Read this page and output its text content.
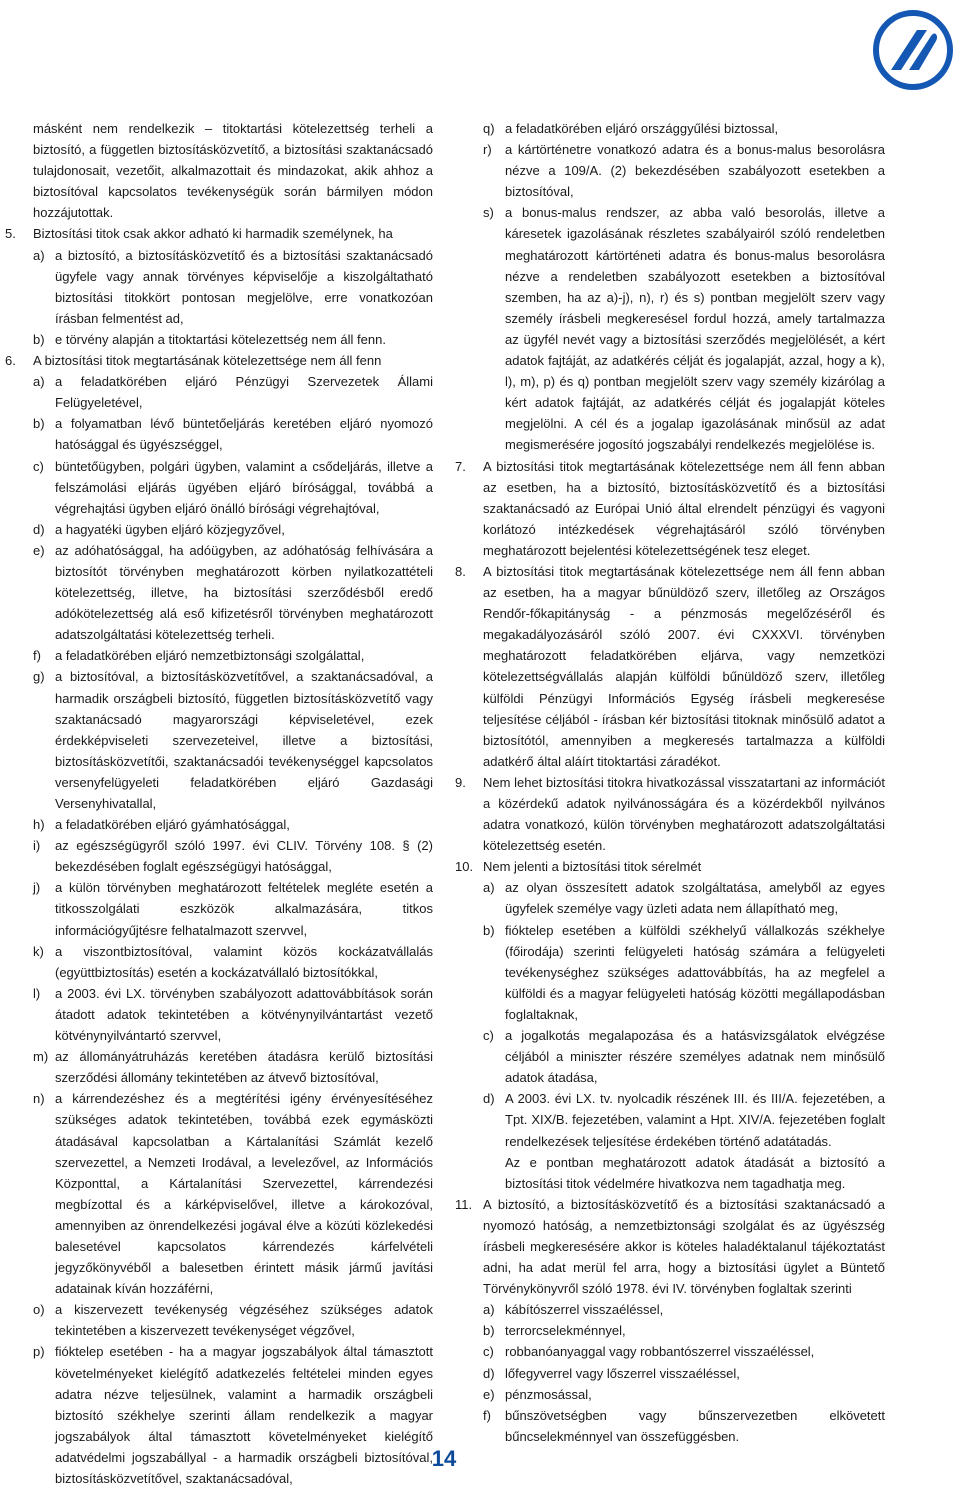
másként nem rendelkezik – titoktartási kötelezettség terheli a biztosító, a független biztosításközvetítő, a biztosítási szaktanácsadó tulajdonosait, vezetőit, alkalmazottait és mindazokat, akik ahhoz a biztosítóval kapcsolatos tevékenységük során bármilyen módon hozzájutottak.
5. Biztosítási titok csak akkor adható ki harmadik személynek, ha
a) a biztosító, a biztosításközvetítő és a biztosítási szaktanácsadó ügyfele vagy annak törvényes képviselője a kiszolgáltatható biztosítási titokkört pontosan megjelölve, erre vonatkozóan írásban felmentést ad,
b) e törvény alapján a titoktartási kötelezettség nem áll fenn.
6. A biztosítási titok megtartásának kötelezettsége nem áll fenn
a) a feladatkörében eljáró Pénzügyi Szervezetek Állami Felügyeletével,
b) a folyamatban lévő büntetőeljárás keretében eljáró nyomozó hatósággal és ügyészséggel,
c) büntetőügyben, polgári ügyben, valamint a csődeljárás, illetve a felszámolási eljárás ügyében eljáró bírósággal, továbbá a végrehajtási ügyben eljáró önálló bírósági végrehajtóval,
d) a hagyatéki ügyben eljáró közjegyzővel,
e) az adóhatósággal, ha adóügyben, az adóhatóság felhívására a biztosítót törvényben meghatározott körben nyilatkozattételi kötelezettség, illetve, ha biztosítási szerződésből eredő adókötelezettség alá eső kifizetésről törvényben meghatározott adatszolgáltatási kötelezettség terheli.
f) a feladatkörében eljáró nemzetbiztonsági szolgálattal,
g) a biztosítóval, a biztosításközvetítővel, a szaktanácsadóval, a harmadik országbeli biztosító, független biztosításközvetítő vagy szaktanácsadó magyarországi képviseletével, ezek érdekképviseleti szervezeteivel, illetve a biztosítási, biztosításközvetítői, szaktanácsadói tevékenységgel kapcsolatos versenyfelügyeleti feladatkörében eljáró Gazdasági Versenyhivatallal,
h) a feladatkörében eljáró gyámhatósággal,
i) az egészségügyről szóló 1997. évi CLIV. Törvény 108. § (2) bekezdésében foglalt egészségügyi hatósággal,
j) a külön törvényben meghatározott feltételek megléte esetén a titkosszolgálati eszközök alkalmazására, titkos információgyűjtésre felhatalmazott szervvel,
k) a viszontbiztosítóval, valamint közös kockázatvállalás (együttbiztosítás) esetén a kockázatvállaló biztosítókkal,
l) a 2003. évi LX. törvényben szabályozott adattovábbítások során átadott adatok tekintetében a kötvénynyilvántartást vezető kötvénynyilvántartó szervvel,
m) az állományátruházás keretében átadásra kerülő biztosítási szerződési állomány tekintetében az átvevő biztosítóval,
n) a kárrendezéshez és a megtérítési igény érvényesítéséhez szükséges adatok tekintetében, továbbá ezek egymásközti átadásával kapcsolatban a Kártalanítási Számlát kezelő szervezettel, a Nemzeti Irodával, a levelezővel, az Információs Központtal, a Kártalanítási Szervezettel, kárrendezési megbízottal és a kárképviselővel, illetve a károkozóval, amennyiben az önrendelkezési jogával élve a közúti közlekedési balesetével kapcsolatos kárrendezés kárfelvételi jegyzőkönyvéből a balesetben érintett másik jármű javítási adatainak kíván hozzáférni,
o) a kiszervezett tevékenység végzéséhez szükséges adatok tekintetében a kiszervezett tevékenységet végzővel,
p) fióktelep esetében - ha a magyar jogszabályok által támasztott követelményeket kielégítő adatkezelés feltételei minden egyes adatra nézve teljesülnek, valamint a harmadik országbeli biztosító székhelye szerinti állam rendelkezik a magyar jogszabályok által támasztott követelményeket kielégítő adatvédelmi jogszabállyal - a harmadik országbeli biztosítóval, biztosításközvetítővel, szaktanácsadóval,
q) a feladatkörében eljáró országgyűlési biztossal,
r) a kártörténetre vonatkozó adatra és a bonus-malus besorolásra nézve a 109/A. (2) bekezdésében szabályozott esetekben a biztosítóval,
s) a bonus-malus rendszer, az abba való besorolás, illetve a káresetek igazolásának részletes szabályairól szóló rendeletben meghatározott kártörténeti adatra és bonus-malus besorolásra nézve a rendeletben szabályozott esetekben a biztosítóval szemben, ha az a)-j), n), r) és s) pontban megjelölt szerv vagy személy írásbeli megkeresésel fordul hozzá, amely tartalmazza az ügyfél nevét vagy a biztosítási szerződés megjelölését, a kért adatok fajtáját, az adatkérés célját és jogalapját, azzal, hogy a k), l), m), p) és q) pontban megjelölt szerv vagy személy kizárólag a kért adatok fajtáját, az adatkérés célját és jogalapját köteles megjelölni. A cél és a jogalap igazolásának minősül az adat megismerésére jogosító jogszabályi rendelkezés megjelölése is.
7. A biztosítási titok megtartásának kötelezettsége nem áll fenn abban az esetben, ha a biztosító, biztosításközvetítő és a biztosítási szaktanácsadó az Európai Unió által elrendelt pénzügyi és vagyoni korlátozó intézkedések végrehajtásáról szóló törvényben meghatározott bejelentési kötelezettségének tesz eleget.
8. A biztosítási titok megtartásának kötelezettsége nem áll fenn abban az esetben, ha a magyar bűnüldöző szerv, illetőleg az Országos Rendőr-főkapitányság - a pénzmosás megelőzéséről és megakadályozásáról szóló 2007. évi CXXXVI. törvényben meghatározott feladatkörében eljárva, vagy nemzetközi kötelezettségvállalás alapján külföldi bűnüldöző szerv, illetőleg külföldi Pénzügyi Információs Egység írásbeli megkeresése teljesítése céljából - írásban kér biztosítási titoknak minősülő adatot a biztosítótól, amennyiben a megkeresés tartalmazza a külföldi adatkérő által aláírt titoktartási záradékot.
9. Nem lehet biztosítási titokra hivatkozással visszatartani az információt a közérdekű adatok nyilvánosságára és a közérdekből nyilvános adatra vonatkozó, külön törvényben meghatározott adatszolgáltatási kötelezettség esetén.
10. Nem jelenti a biztosítási titok sérelmét
a) az olyan összesített adatok szolgáltatása, amelyből az egyes ügyfelek személye vagy üzleti adata nem állapítható meg,
b) fióktelep esetében a külföldi székhelyű vállalkozás székhelye (főirodája) szerinti felügyeleti hatóság számára a felügyeleti tevékenységhez szükséges adattovábbítás, ha az megfelel a külföldi és a magyar felügyeleti hatóság közötti megállapodásban foglaltaknak,
c) a jogalkotás megalapozása és a hatásvizsgálatok elvégzése céljából a miniszter részére személyes adatnak nem minősülő adatok átadása,
d) A 2003. évi LX. tv. nyolcadik részének III. és III/A. fejezetében, a Tpt. XIX/B. fejezetében, valamint a Hpt. XIV/A. fejezetében foglalt rendelkezések teljesítése érdekében történő adatátadás.
Az e pontban meghatározott adatok átadását a biztosító a biztosítási titok védelmére hivatkozva nem tagadhatja meg.
11. A biztosító, a biztosításközvetítő és a biztosítási szaktanácsadó a nyomozó hatóság, a nemzetbiztonsági szolgálat és az ügyészség írásbeli megkeresésére akkor is köteles haladéktalanul tájékoztatást adni, ha adat merül fel arra, hogy a biztosítási ügylet a Büntető Törvénykönyvről szóló 1978. évi IV. törvényben foglaltak szerinti
a) kábítószerrel visszaéléssel,
b) terrorcselekménnyel,
c) robbanóanyaggal vagy robbantószerrel visszaéléssel,
d) lőfegyverrel vagy lőszerrel visszaéléssel,
e) pénzmosással,
f) bűnszövetségben vagy bűnszervezetben elkövetett bűncselekménnyel van összefüggésben.
14
